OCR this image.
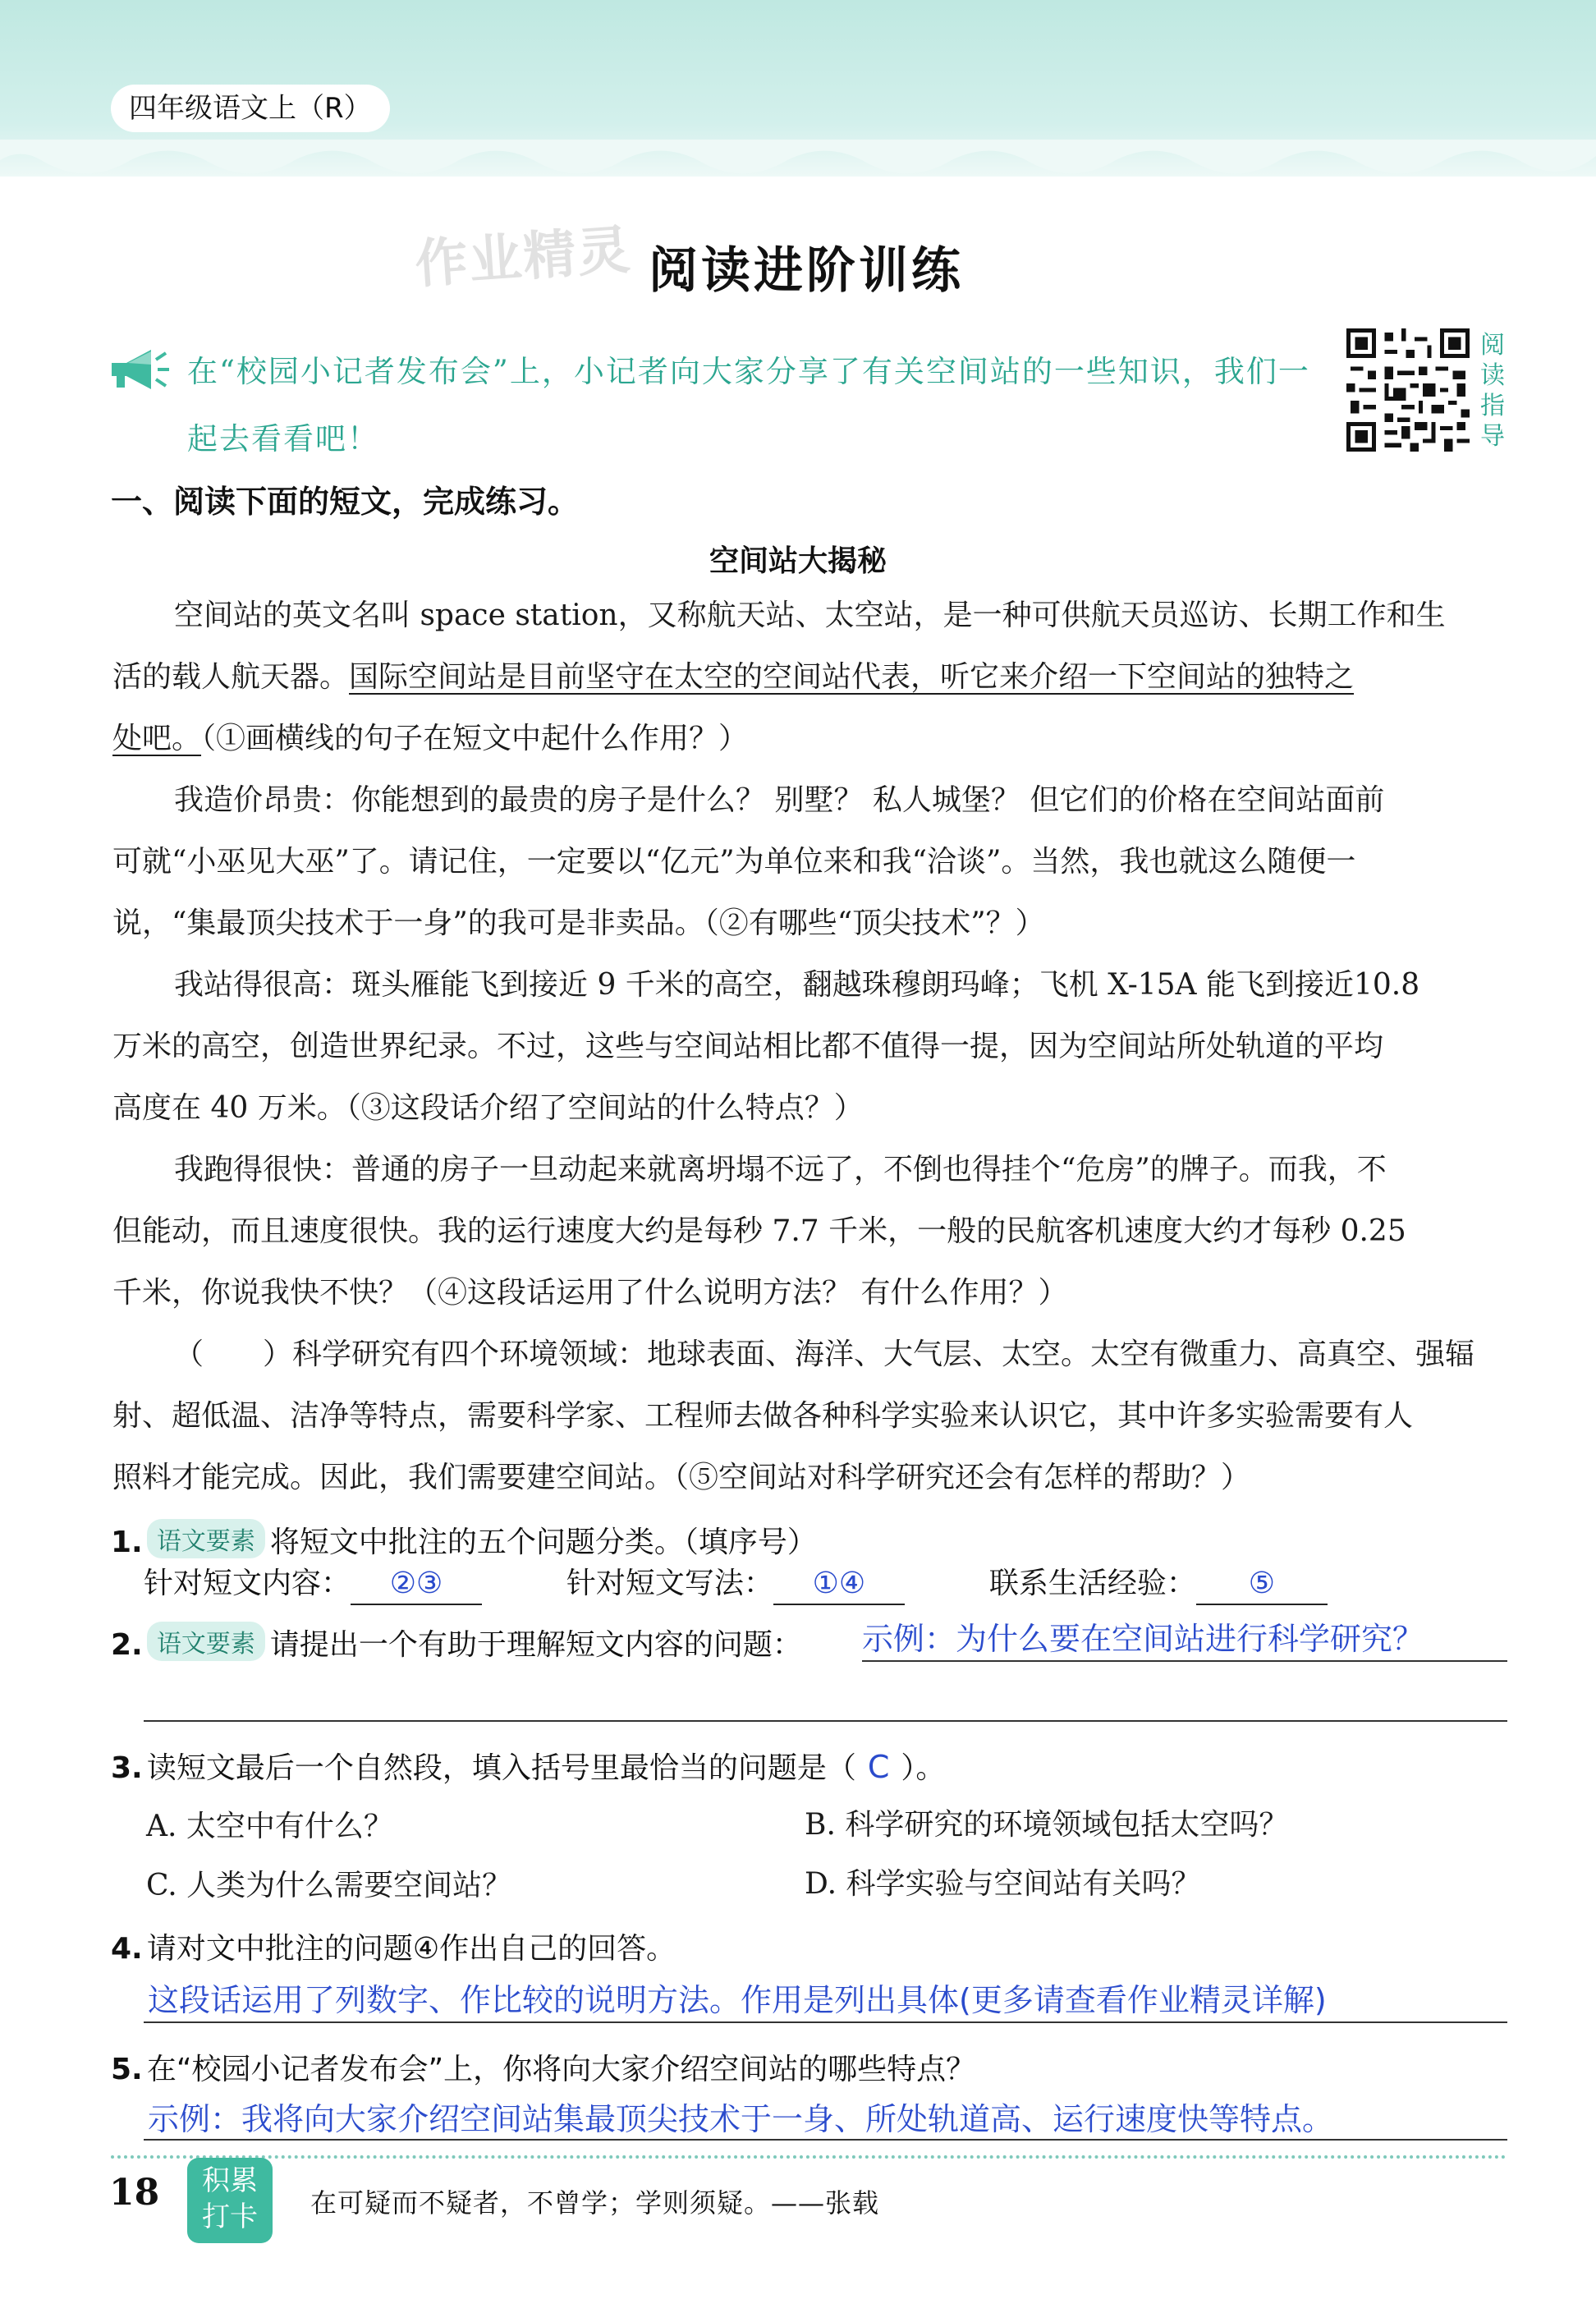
四年级语文上（R）
作业精灵 阅读进阶训练
在“校园小记者发布会”上，小记者向大家分享了有关空间站的一些知识，我们一
起去看看吧！
阅
读
指
导
一、阅读下面的短文，完成练习。
空间站大揭秘
空间站的英文名叫 space station，又称航天站、太空站，是一种可供航天员巡访、长期工作和生
活的载人航天器。国际空间站是目前坚守在太空的空间站代表，听它来介绍一下空间站的独特之
处吧。（①画横线的句子在短文中起什么作用？）
我造价昂贵：你能想到的最贵的房子是什么？ 别墅？ 私人城堡？ 但它们的价格在空间站面前
可就“小巫见大巫”了。请记住，一定要以“亿元”为单位来和我“洽谈”。当然，我也就这么随便一
说，“集最顶尖技术于一身”的我可是非卖品。（②有哪些“顶尖技术”？）
我站得很高：斑头雁能飞到接近 9 千米的高空，翻越珠穆朗玛峰；飞机 X-15A 能飞到接近10.8
万米的高空，创造世界纪录。不过，这些与空间站相比都不值得一提，因为空间站所处轨道的平均
高度在 40 万米。（③这段话介绍了空间站的什么特点？）
我跑得很快：普通的房子一旦动起来就离坍塌不远了，不倒也得挂个“危房”的牌子。而我，不
但能动，而且速度很快。我的运行速度大约是每秒 7.7 千米，一般的民航客机速度大约才每秒 0.25
千米，你说我快不快？（④这段话运用了什么说明方法？ 有什么作用？）
（　　）科学研究有四个环境领域：地球表面、海洋、大气层、太空。太空有微重力、高真空、强辐
射、超低温、洁净等特点，需要科学家、工程师去做各种科学实验来认识它，其中许多实验需要有人
照料才能完成。因此，我们需要建空间站。（⑤空间站对科学研究还会有怎样的帮助？）
1. 语文要素 将短文中批注的五个问题分类。（填序号）
针对短文内容： ②③	针对短文写法： ①④	联系生活经验： ⑤
2. 语文要素 请提出一个有助于理解短文内容的问题： 示例：为什么要在空间站进行科学研究？
3. 读短文最后一个自然段，填入括号里最恰当的问题是（ C ）。
A. 太空中有什么？	B. 科学研究的环境领域包括太空吗？
C. 人类为什么需要空间站？	D. 科学实验与空间站有关吗？
4. 请对文中批注的问题④作出自己的回答。
这段话运用了列数字、作比较的说明方法。作用是列出具体(更多请查看作业精灵详解)
5. 在“校园小记者发布会”上，你将向大家介绍空间站的哪些特点？
示例：我将向大家介绍空间站集最顶尖技术于一身、所处轨道高、运行速度快等特点。
18	积累
打卡	在可疑而不疑者，不曾学；学则须疑。——张载
